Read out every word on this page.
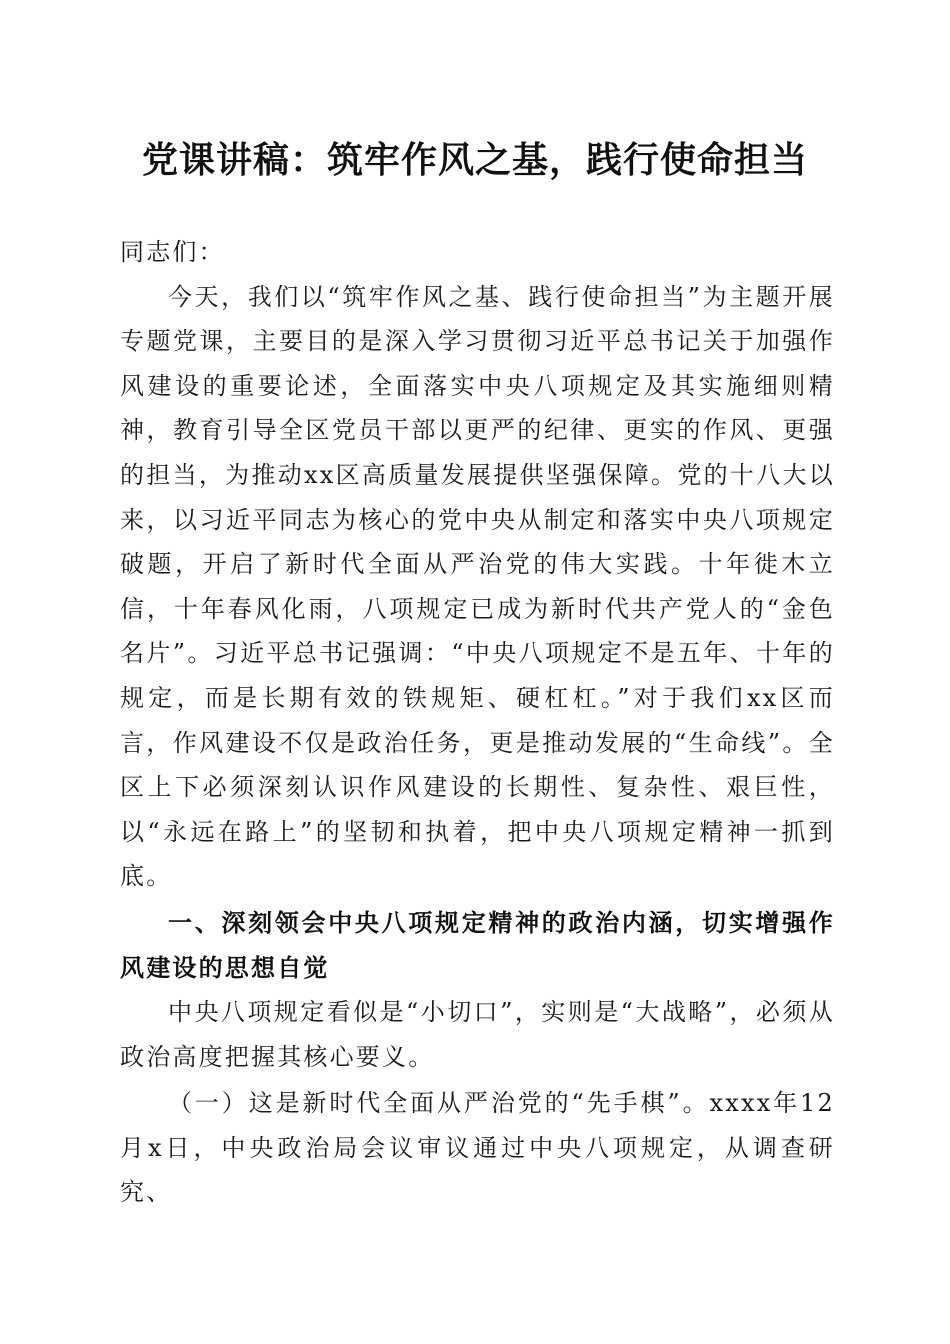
党课讲稿：筑牢作风之基，践行使命担当

同志们：

今天，我们以“筑牢作风之基、践行使命担当”为主题开展专题党课，主要目的是深入学习贯彻习近平总书记关于加强作风建设的重要论述，全面落实中央八项规定及其实施细则精神，教育引导全区党员干部以更严的纪律、更实的作风、更强的担当，为推动xx区高质量发展提供坚强保障。党的十八大以来，以习近平同志为核心的党中央从制定和落实中央八项规定破题，开启了新时代全面从严治党的伟大实践。十年徙木立信，十年春风化雨，八项规定已成为新时代共产党人的“金色名片”。习近平总书记强调：“中央八项规定不是五年、十年的规定，而是长期有效的铁规矩、硬杠杠。”对于我们xx区而言，作风建设不仅是政治任务，更是推动发展的“生命线”。全区上下必须深刻认识作风建设的长期性、复杂性、艰巨性，以“永远在路上”的坚韧和执着，把中央八项规定精神一抓到底。

一、深刻领会中央八项规定精神的政治内涵，切实增强作风建设的思想自觉

中央八项规定看似是“小切口”，实则是“大战略”，必须从政治高度把握其核心要义。

（一）这是新时代全面从严治党的“先手棋”。xxxx年12月x日，中央政治局会议审议通过中央八项规定，从调查研究、
